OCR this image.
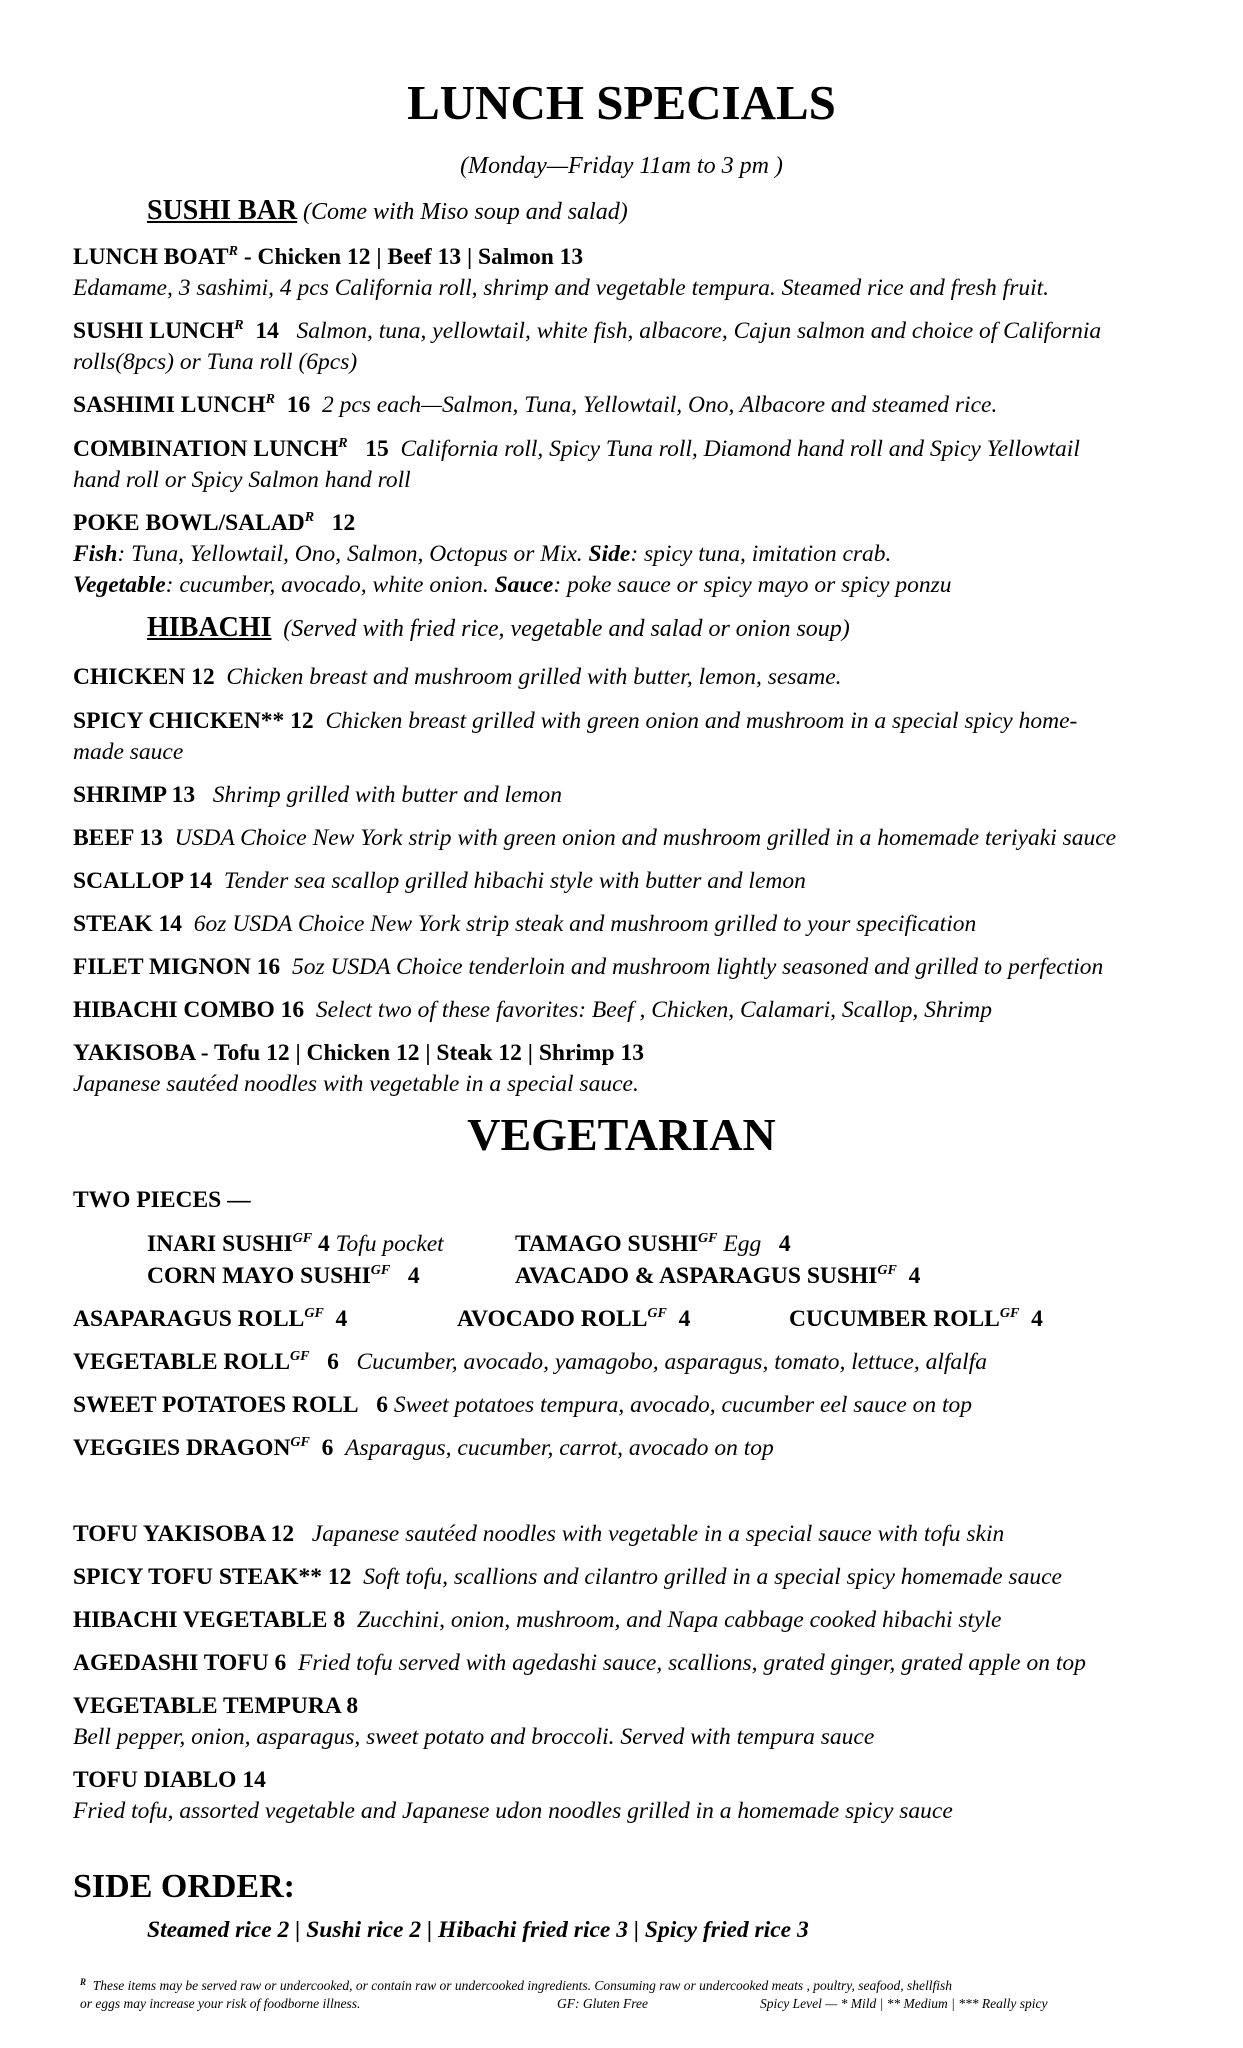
LUNCH SPECIALS
(Monday—Friday 11am to 3 pm )
SUSHI BAR (Come with Miso soup and salad)
LUNCH $BOAT^R$ - Chicken 12 | Beef 13 | Salmon 13
Edamame, 3 sashimi, 4 pcs California roll, shrimp and vegetable tempura. Steamed rice and fresh fruit.
SUSHI $LUNCH^R$ 14 Salmon, tuna, yellowtail, white fish, albacore, Cajun salmon and choice of California
rolls(8pcs) or Tuna roll (6pcs)
SASHIMI $LUNCH^R$ 16 2 pcs each—Salmon, Tuna, Yellowtail, Ono, Albacore and steamed rice.
COMBINATION $LUNCH^R$ 15 California roll, Spicy Tuna roll, Diamond hand roll and Spicy Yellowtail
hand roll or Spicy Salmon hand roll
POKE BOWL/$SALAD^R$ 12
Fish: Tuna, Yellowtail, Ono, Salmon, Octopus or Mix. Side: spicy tuna, imitation crab.
Vegetable: cucumber, avocado, white onion. Sauce: poke sauce or spicy mayo or spicy ponzu
HIBACHI (Served with fried rice, vegetable and salad or onion soup)
CHICKEN 12 Chicken breast and mushroom grilled with butter, lemon, sesame.
SPICY CHICKEN** 12 Chicken breast grilled with green onion and mushroom in a special spicy home-
made sauce
SHRIMP 13 Shrimp grilled with butter and lemon
BEEF 13 USDA Choice New York strip with green onion and mushroom grilled in a homemade teriyaki sauce
SCALLOP 14 Tender sea scallop grilled hibachi style with butter and lemon
STEAK 14 6oz USDA Choice New York strip steak and mushroom grilled to your specification
FILET MIGNON 16 5oz USDA Choice tenderloin and mushroom lightly seasoned and grilled to perfection
HIBACHI COMBO 16 Select two of these favorites: Beef , Chicken, Calamari, Scallop, Shrimp
YAKISOBA - Tofu 12 | Chicken 12 | Steak 12 | Shrimp 13
Japanese sautéed noodles with vegetable in a special sauce.
VEGETARIAN
TWO PIECES —
INARI $SUSHI^{GF}$ 4 Tofu pocket	TAMAGO $SUSHI^{GF}$ Egg 4
CORN MAYO $SUSHI^{GF}$ 4	AVACADO & ASPARAGUS $SUSHI^{GF}$ 4
ASAPARAGUS $ROLL^{GF}$ 4	AVOCADO $ROLL^{GF}$ 4	CUCUMBER $ROLL^{GF}$ 4
VEGETABLE $ROLL^{GF}$ 6 Cucumber, avocado, yamagobo, asparagus, tomato, lettuce, alfalfa
SWEET POTATOES ROLL 6 Sweet potatoes tempura, avocado, cucumber eel sauce on top
VEGGIES $DRAGON^{GF}$ 6 Asparagus, cucumber, carrot, avocado on top
TOFU YAKISOBA 12 Japanese sautéed noodles with vegetable in a special sauce with tofu skin
SPICY TOFU STEAK** 12 Soft tofu, scallions and cilantro grilled in a special spicy homemade sauce
HIBACHI VEGETABLE 8 Zucchini, onion, mushroom, and Napa cabbage cooked hibachi style
AGEDASHI TOFU 6 Fried tofu served with agedashi sauce, scallions, grated ginger, grated apple on top
VEGETABLE TEMPURA 8
Bell pepper, onion, asparagus, sweet potato and broccoli. Served with tempura sauce
TOFU DIABLO 14
Fried tofu, assorted vegetable and Japanese udon noodles grilled in a homemade spicy sauce
SIDE ORDER:
Steamed rice 2 | Sushi rice 2 | Hibachi fried rice 3 | Spicy fried rice 3
$^R$ These items may be served raw or undercooked, or contain raw or undercooked ingredients. Consuming raw or undercooked meats , poultry, seafood, shellfish
or eggs may increase your risk of foodborne illness.	GF: Gluten Free	Spicy Level — * Mild | ** Medium | *** Really spicy
